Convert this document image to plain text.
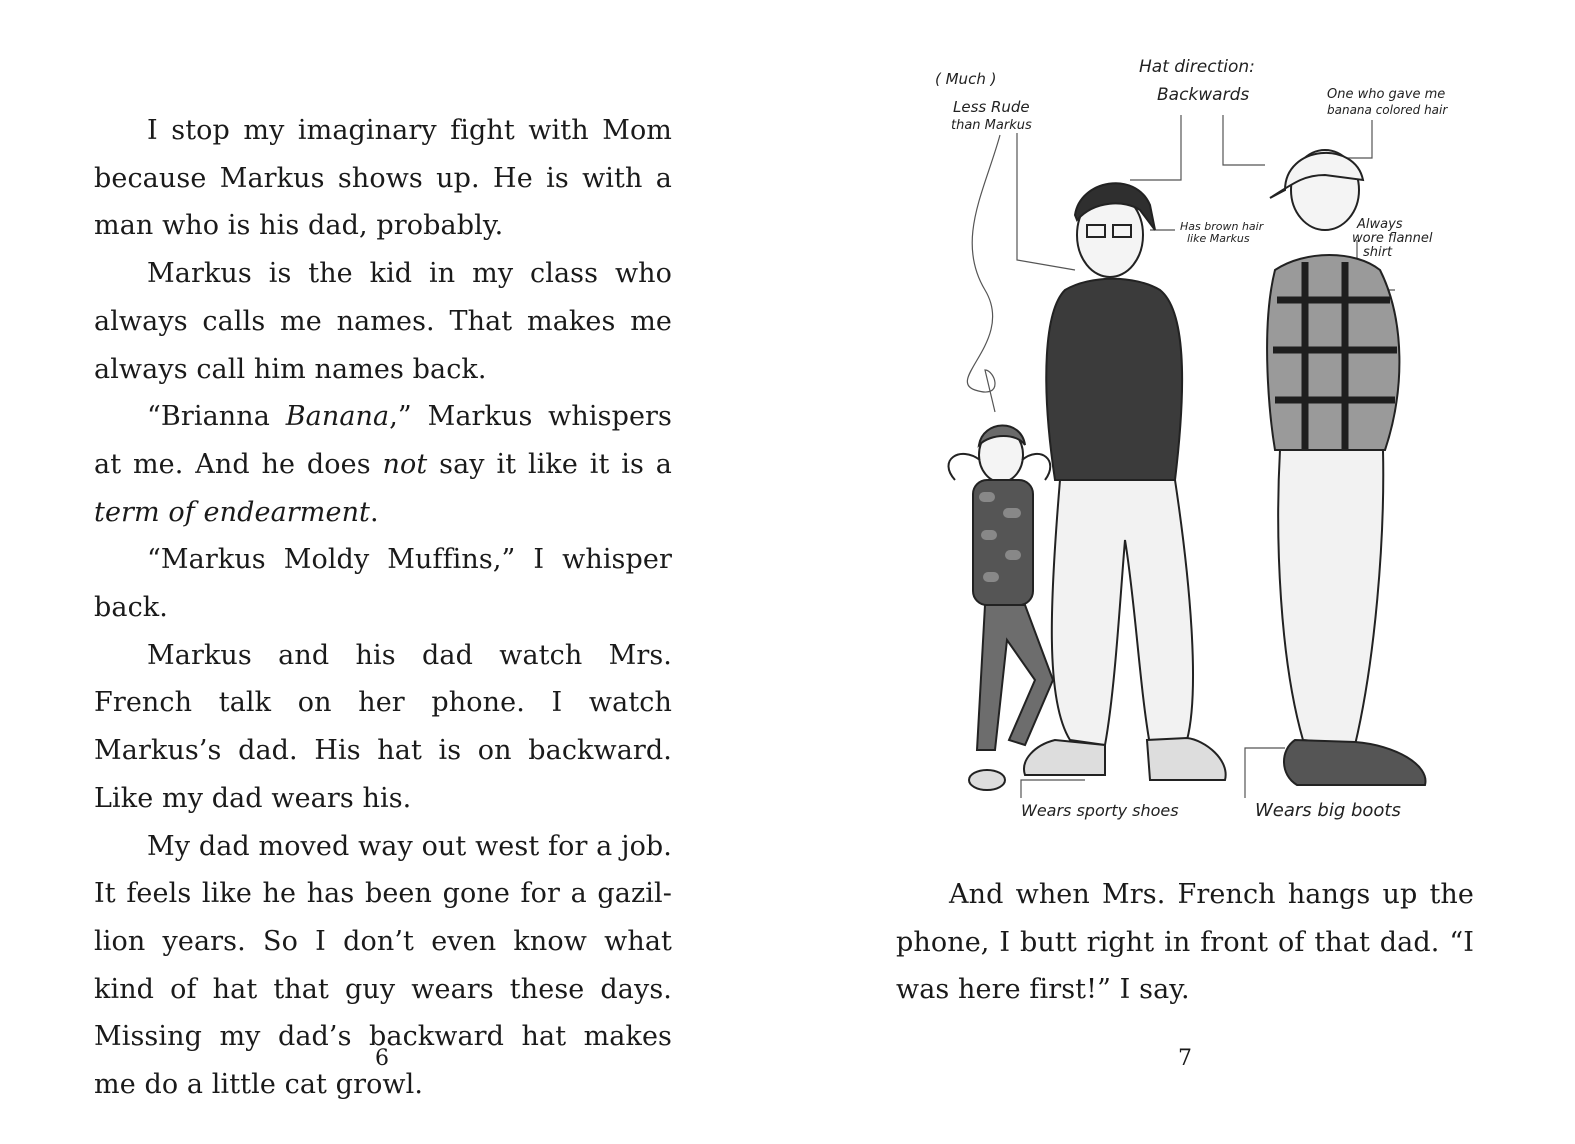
I stop my imaginary fight with Mom because Markus shows up. He is with a man who is his dad, probably.

Markus is the kid in my class who always calls me names. That makes me always call him names back.

“Brianna Banana,” Markus whispers at me. And he does not say it like it is a term of endearment.

“Markus Moldy Muffins,” I whisper back.

Markus and his dad watch Mrs. French talk on her phone. I watch Markus’s dad. His hat is on backward. Like my dad wears his.

My dad moved way out west for a job. It feels like he has been gone for a gazil-lion years. So I don’t even know what kind of hat that guy wears these days. Missing my dad’s backward hat makes me do a little cat growl.

6
( Much )
Less Rude
than Markus
Hat direction:
Backwards	One who gave me
banana colored hair
Has brown hair
like Markus
Always
wore flannel
shirt
Wears sporty shoes	Wears big boots

And when Mrs. French hangs up the phone, I butt right in front of that dad. “I was here first!” I say.

7
